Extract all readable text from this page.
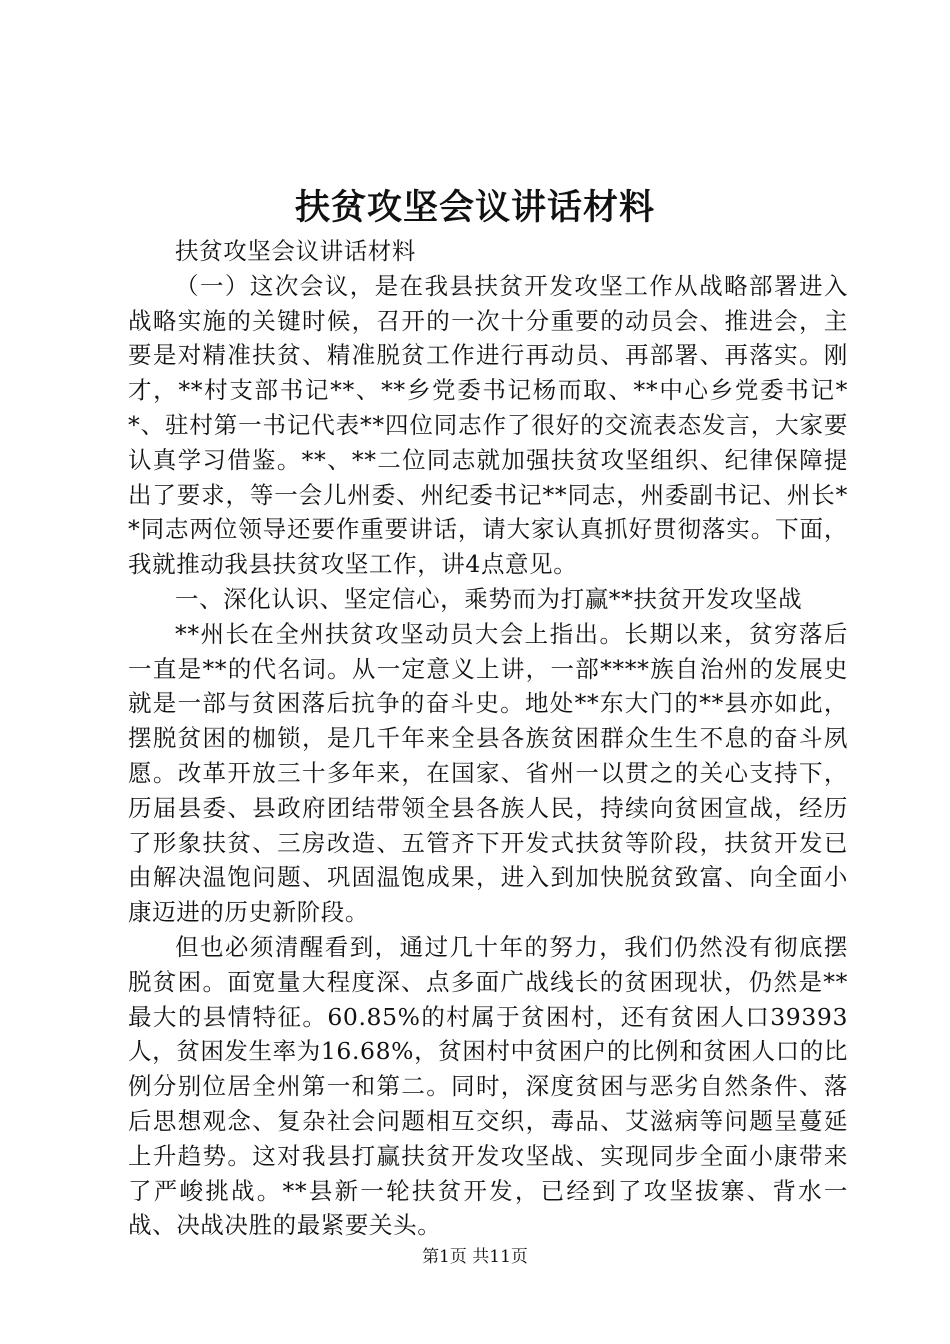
扶贫攻坚会议讲话材料

扶贫攻坚会议讲话材料

（一）这次会议，是在我县扶贫开发攻坚工作从战略部署进入战略实施的关键时候，召开的一次十分重要的动员会、推进会，主要是对精准扶贫、精准脱贫工作进行再动员、再部署、再落实。刚才，**村支部书记**、**乡党委书记杨而取、**中心乡党委书记**、驻村第一书记代表**四位同志作了很好的交流表态发言，大家要认真学习借鉴。**、**二位同志就加强扶贫攻坚组织、纪律保障提出了要求，等一会儿州委、州纪委书记**同志，州委副书记、州长**同志两位领导还要作重要讲话，请大家认真抓好贯彻落实。下面，我就推动我县扶贫攻坚工作，讲4点意见。

一、深化认识、坚定信心，乘势而为打赢**扶贫开发攻坚战

**州长在全州扶贫攻坚动员大会上指出。长期以来，贫穷落后一直是**的代名词。从一定意义上讲，一部****族自治州的发展史就是一部与贫困落后抗争的奋斗史。地处**东大门的**县亦如此，摆脱贫困的枷锁，是几千年来全县各族贫困群众生生不息的奋斗夙愿。改革开放三十多年来，在国家、省州一以贯之的关心支持下，历届县委、县政府团结带领全县各族人民，持续向贫困宣战，经历了形象扶贫、三房改造、五管齐下开发式扶贫等阶段，扶贫开发已由解决温饱问题、巩固温饱成果，进入到加快脱贫致富、向全面小康迈进的历史新阶段。

但也必须清醒看到，通过几十年的努力，我们仍然没有彻底摆脱贫困。面宽量大程度深、点多面广战线长的贫困现状，仍然是**最大的县情特征。60.85%的村属于贫困村，还有贫困人口39393人，贫困发生率为16.68%，贫困村中贫困户的比例和贫困人口的比例分别位居全州第一和第二。同时，深度贫困与恶劣自然条件、落后思想观念、复杂社会问题相互交织，毒品、艾滋病等问题呈蔓延上升趋势。这对我县打赢扶贫开发攻坚战、实现同步全面小康带来了严峻挑战。**县新一轮扶贫开发，已经到了攻坚拔寨、背水一战、决战决胜的最紧要关头。

第1页 共11页
